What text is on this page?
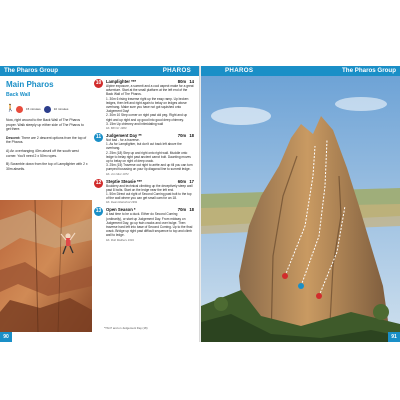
The Pharos Group	PHAROS
Main Pharos
Back Wall
🚶	15 minutes	10 minutes

Now, right around to the Back Wall of The Pharos proper. Walk steeply up either side of The Pharos to get there.

Descent: There are 2 descent options from the top of the Pharos.

A) An overhanging 40m abseil off the south west corner. You'll need 2 x 50m ropes.

B) Scramble down from the top of Lamplighter with 2 x 30m abseils.

10	Lamplighter ***	80m 14
Alpine exposure, a summit and a cool aspect make for a great adventure. Start at the small platform at the left end of the Back Wall of The Pharos.
1. 30m 6 rising traverse right up the easy ramp. Up broken ledges, then left and right again to belay on ledges above overhang. Make sure you have not got squished onto Judgement Day!
2. 30m 10 Step corner on right past old peg. Right and up right and up right and up good into good deep chimney.
3. 15m Up chimney and intimidating wall
FA: Bill Orr 1963
11	Judgement Day **	70m 18
Not bad - for a traverse.
1. As for Lamplighter, but don't cut back left above the overhang.
2. 25m (18) Step up and right onto right wall. Muddle onto ledge to belay right past ancient carrot bolt. Daunting moves up to belay on right of deep crack.
3. 25m (15) Traverse out right to arête and up till you can turn pumped focussing on your lip diagonal line to summit ledge.
FA: Jon Muir 1972
12	Steptie Steasie ***	60m 17
Bouldery and technical climbing up the deceptively steep wall past 8 bolts. Start on the ledge near the left end.
1. 50m Direct out right of Second Coming past bolt to the top of the wall where you can get small cam for an 18.
FA: Dean Rainsford 1991
13	Open Season *	70m 18
A bad time to be a duck. Either do Second Coming (ordinarily), or start up Judgement Day. From midway on Judgement Day, go up twin cracks and over bulge. Then traverse hard left into base of Second Coming. Up to the final crack. Bridge up right past difficult sequence to top and climb wall to ledge.
FA: Rob Mathers 1991
*Thin? and on Judgement Day (18)
90
PHAROS	The Pharos Group
91
